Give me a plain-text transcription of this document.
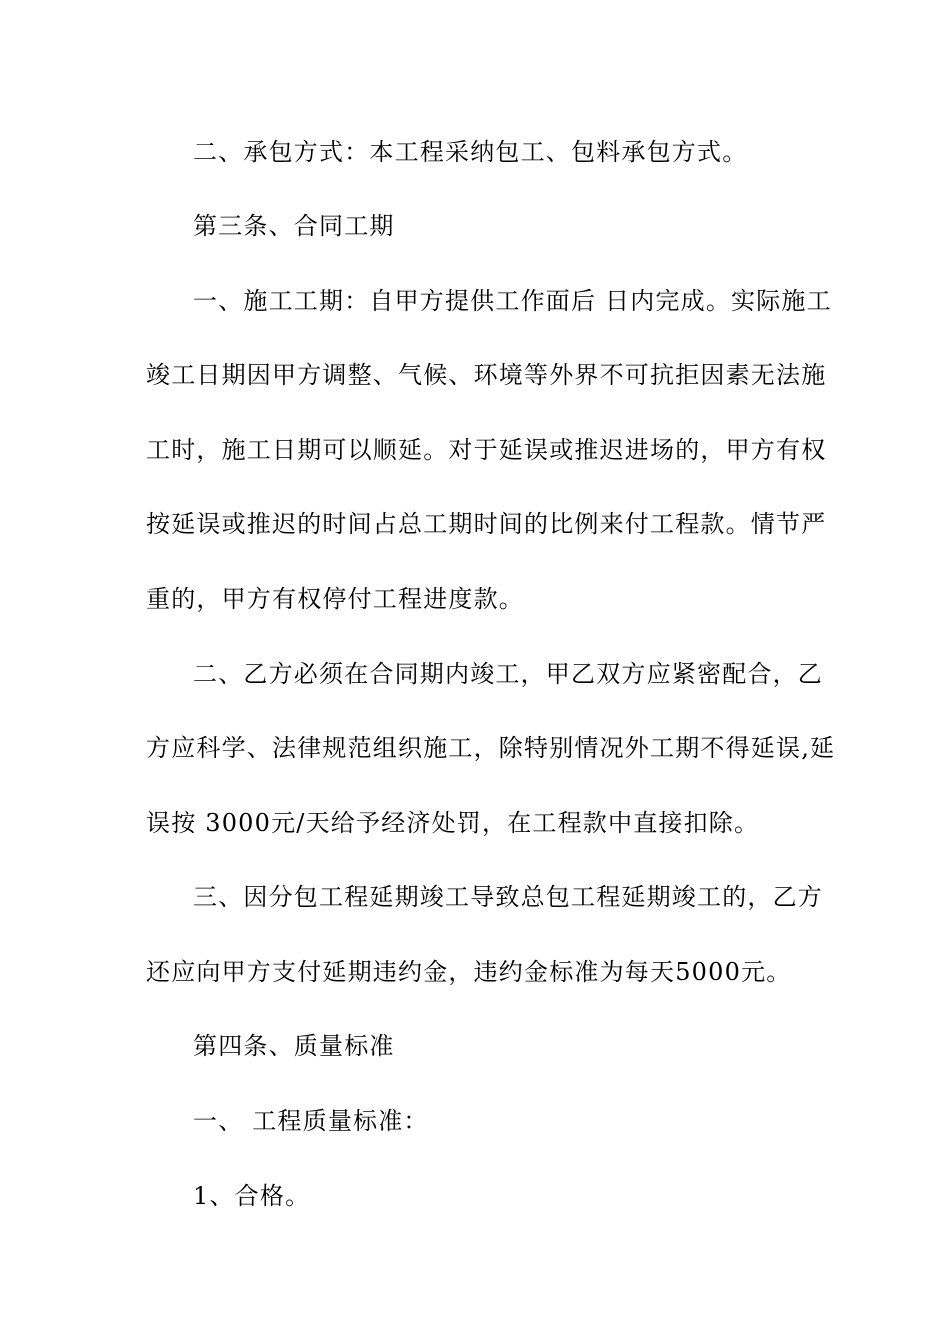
二、承包方式：本工程采纳包工、包料承包方式。
第三条、合同工期
一、施工工期：自甲方提供工作面后 日内完成。实际施工
竣工日期因甲方调整、气候、环境等外界不可抗拒因素无法施
工时，施工日期可以顺延。对于延误或推迟进场的，甲方有权
按延误或推迟的时间占总工期时间的比例来付工程款。情节严
重的，甲方有权停付工程进度款。
二、乙方必须在合同期内竣工，甲乙双方应紧密配合，乙
方应科学、法律规范组织施工，除特别情况外工期不得延误,延
误按 3000元/天给予经济处罚，在工程款中直接扣除。
三、因分包工程延期竣工导致总包工程延期竣工的，乙方
还应向甲方支付延期违约金，违约金标准为每天5000元。
第四条、质量标准
一、 工程质量标准：
1、合格。
